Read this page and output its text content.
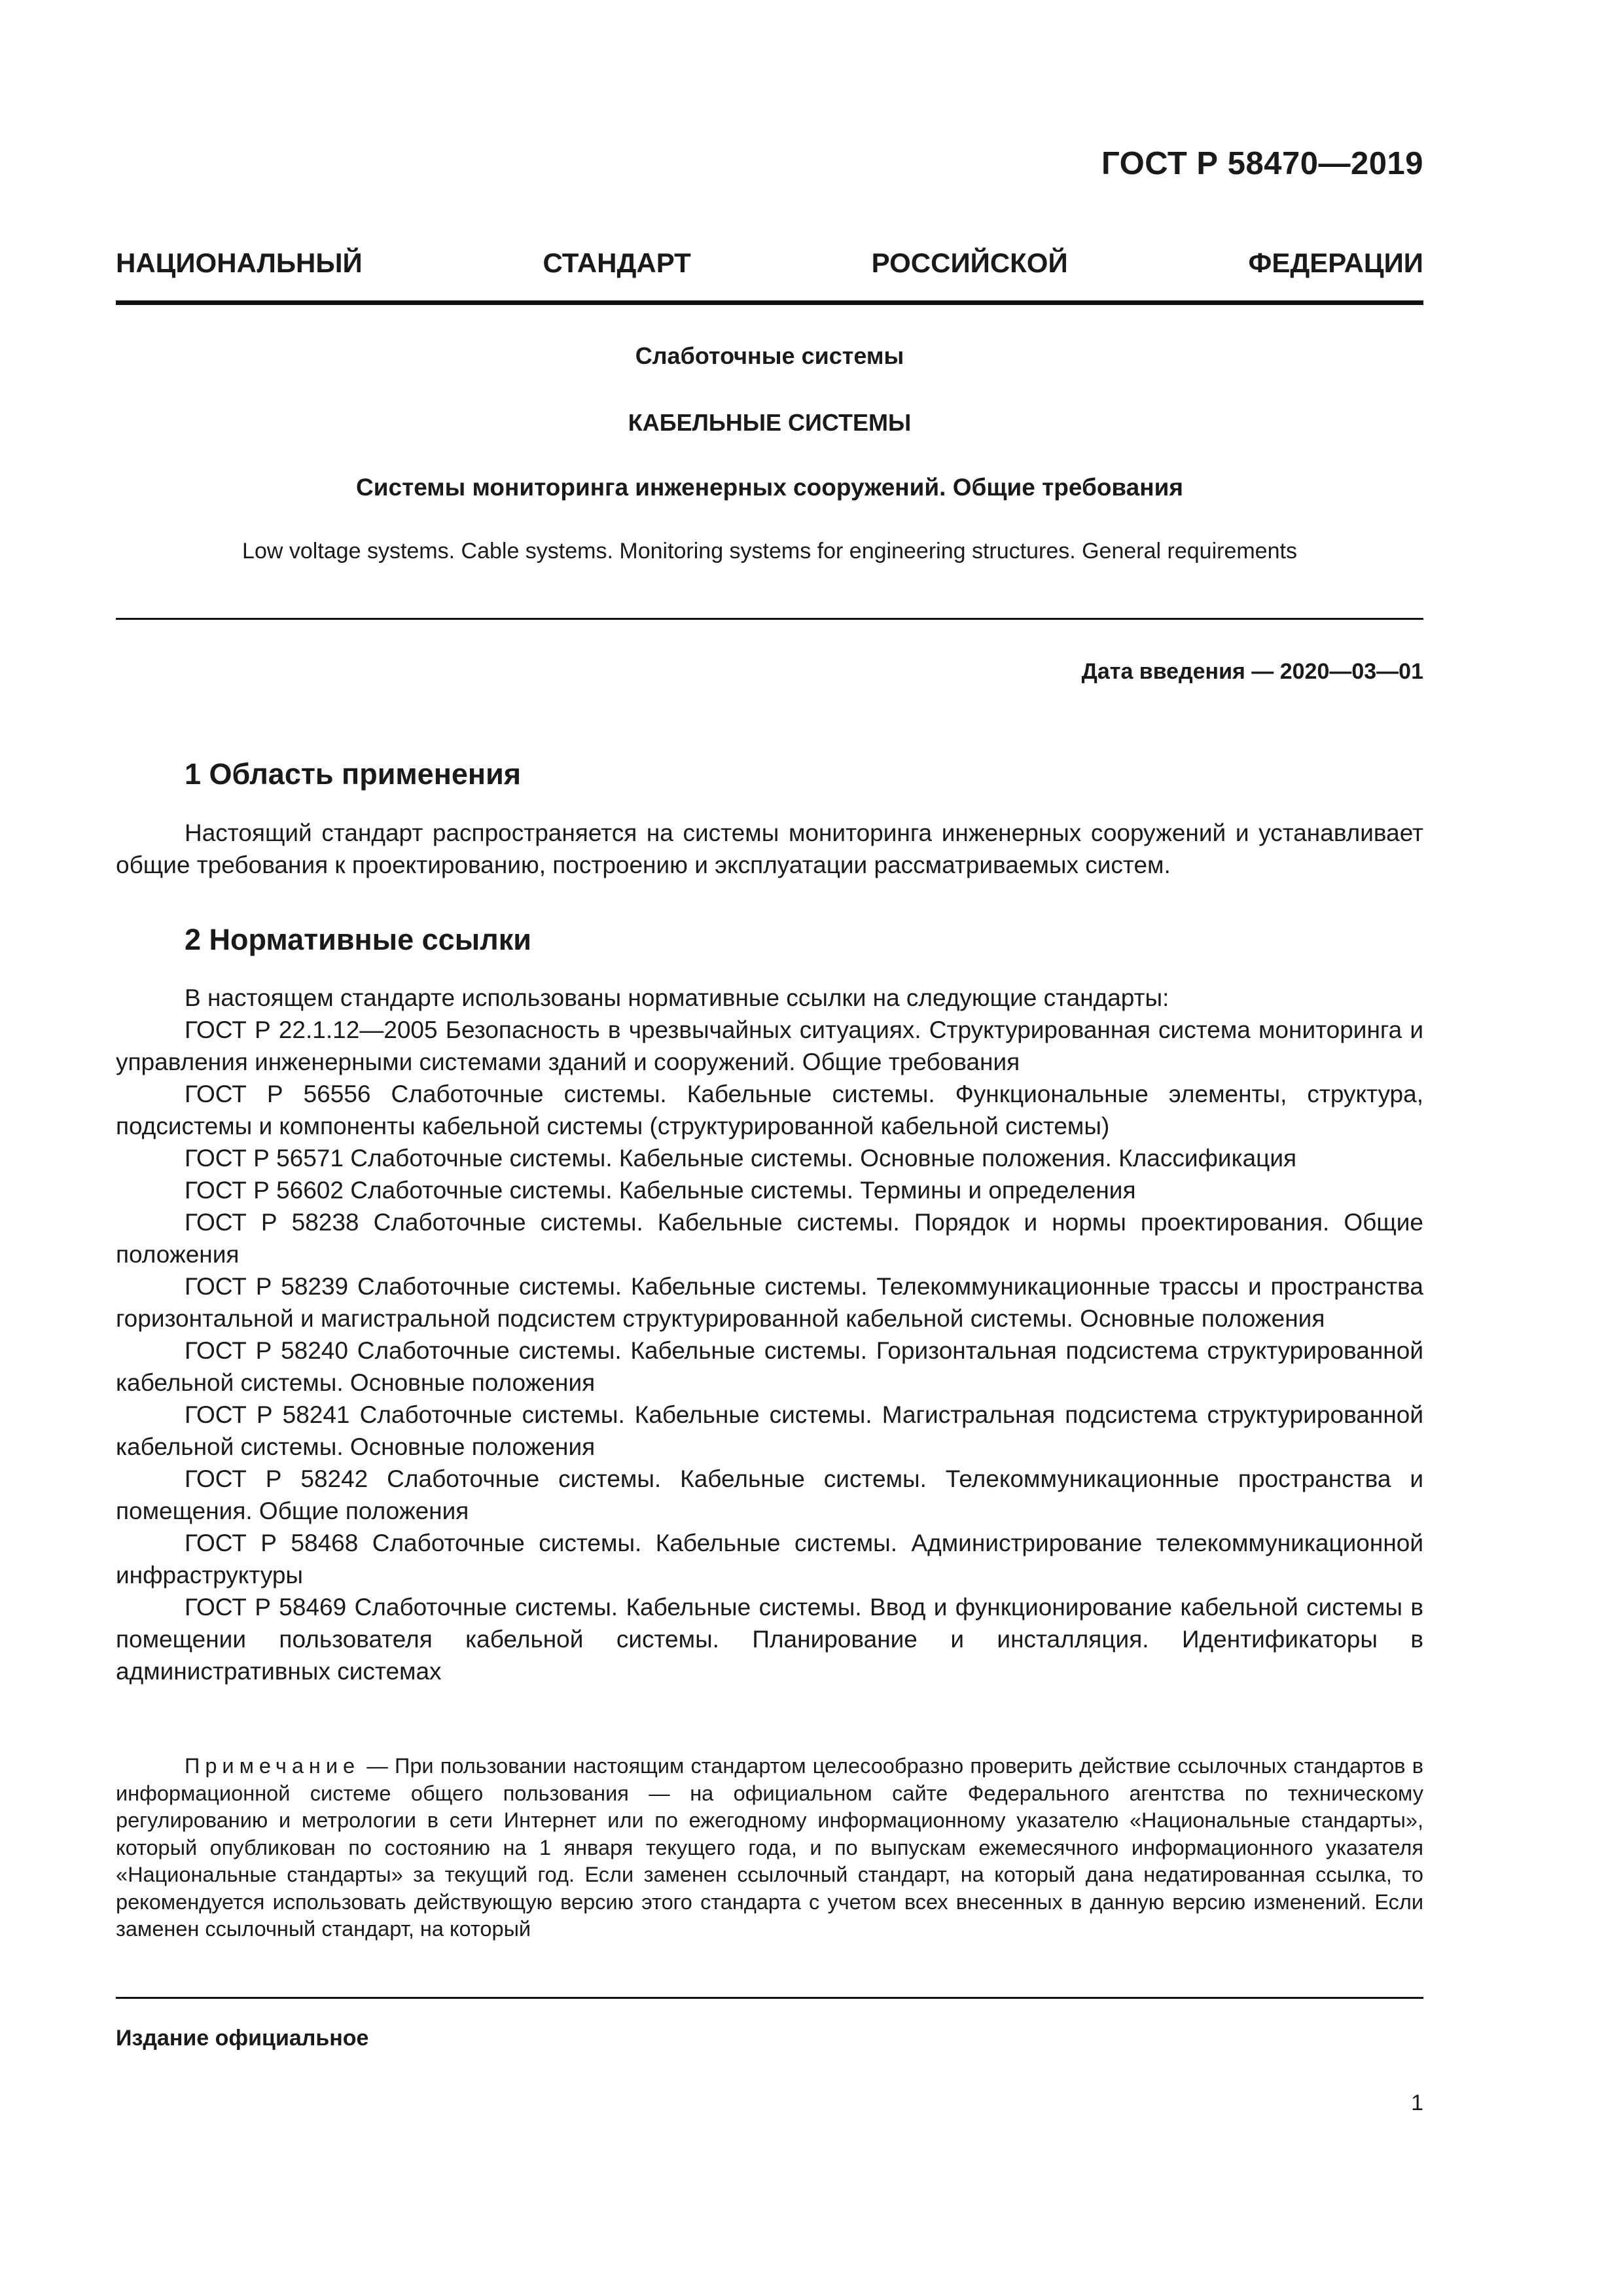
ГОСТ Р 58470—2019
НАЦИОНАЛЬНЫЙ СТАНДАРТ РОССИЙСКОЙ ФЕДЕРАЦИИ
Слаботочные системы
КАБЕЛЬНЫЕ СИСТЕМЫ
Системы мониторинга инженерных сооружений. Общие требования
Low voltage systems. Cable systems. Monitoring systems for engineering structures. General requirements
Дата введения — 2020—03—01
1 Область применения

Настоящий стандарт распространяется на системы мониторинга инженерных сооружений и устанавливает общие требования к проектированию, построению и эксплуатации рассматриваемых систем.

2 Нормативные ссылки

В настоящем стандарте использованы нормативные ссылки на следующие стандарты:

ГОСТ Р 22.1.12—2005 Безопасность в чрезвычайных ситуациях. Структурированная система мониторинга и управления инженерными системами зданий и сооружений. Общие требования

ГОСТ Р 56556 Слаботочные системы. Кабельные системы. Функциональные элементы, структура, подсистемы и компоненты кабельной системы (структурированной кабельной системы)

ГОСТ Р 56571 Слаботочные системы. Кабельные системы. Основные положения. Классификация

ГОСТ Р 56602 Слаботочные системы. Кабельные системы. Термины и определения

ГОСТ Р 58238 Слаботочные системы. Кабельные системы. Порядок и нормы проектирования. Общие положения

ГОСТ Р 58239 Слаботочные системы. Кабельные системы. Телекоммуникационные трассы и пространства горизонтальной и магистральной подсистем структурированной кабельной системы. Основные положения

ГОСТ Р 58240 Слаботочные системы. Кабельные системы. Горизонтальная подсистема структурированной кабельной системы. Основные положения

ГОСТ Р 58241 Слаботочные системы. Кабельные системы. Магистральная подсистема структурированной кабельной системы. Основные положения

ГОСТ Р 58242 Слаботочные системы. Кабельные системы. Телекоммуникационные пространства и помещения. Общие положения

ГОСТ Р 58468 Слаботочные системы. Кабельные системы. Администрирование телекоммуникационной инфраструктуры

ГОСТ Р 58469 Слаботочные системы. Кабельные системы. Ввод и функционирование кабельной системы в помещении пользователя кабельной системы. Планирование и инсталляция. Идентификаторы в административных системах

Примечание — При пользовании настоящим стандартом целесообразно проверить действие ссылочных стандартов в информационной системе общего пользования — на официальном сайте Федерального агентства по техническому регулированию и метрологии в сети Интернет или по ежегодному информационному указателю «Национальные стандарты», который опубликован по состоянию на 1 января текущего года, и по выпускам ежемесячного информационного указателя «Национальные стандарты» за текущий год. Если заменен ссылочный стандарт, на который дана недатированная ссылка, то рекомендуется использовать действующую версию этого стандарта с учетом всех внесенных в данную версию изменений. Если заменен ссылочный стандарт, на который

Издание официальное
1
